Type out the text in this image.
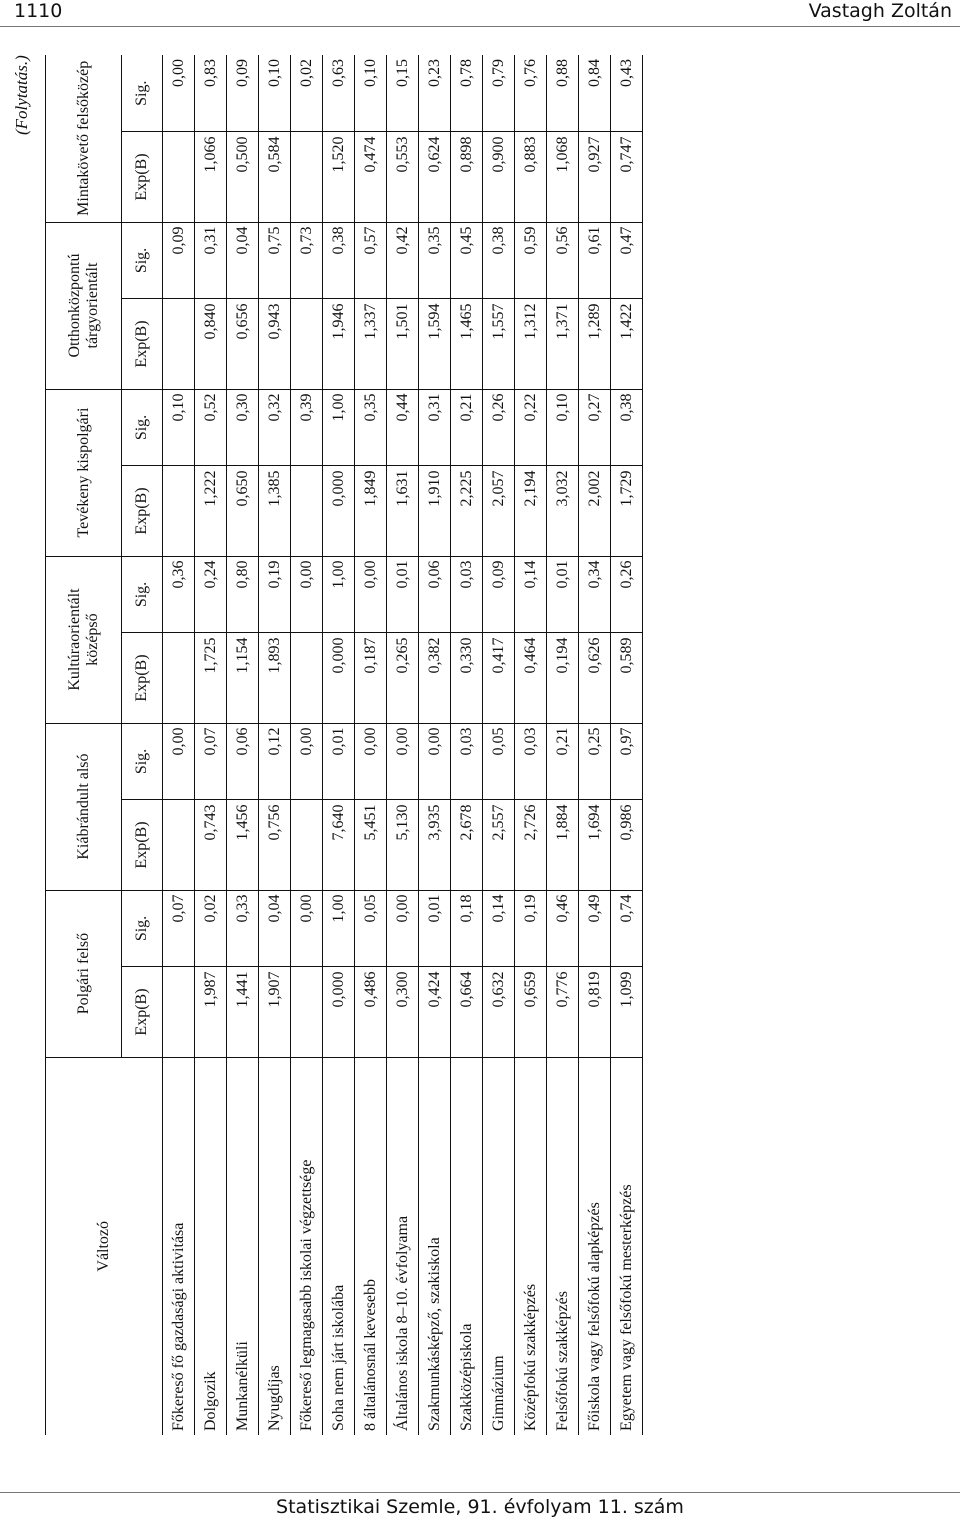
1110	Vastagh Zoltán
(Folytatás.)
Változó	Polgári felső		Kiábrándult alsó		Kultúraorientált középső		Tevékeny kispolgári		Otthonközpontú tárgyorientált		Mintakövető felsőközép	
	Exp(B)	Sig.	Exp(B)	Sig.	Exp(B)	Sig.	Exp(B)	Sig.	Exp(B)	Sig.	Exp(B)	Sig.
Főkereső fő gazdasági aktivitása		0,07		0,00		0,36		0,10		0,09		0,00
Dolgozik	1,987	0,02	0,743	0,07	1,725	0,24	1,222	0,52	0,840	0,31	1,066	0,83
Munkanélküli	1,441	0,33	1,456	0,06	1,154	0,80	0,650	0,30	0,656	0,04	0,500	0,09
Nyugdíjas	1,907	0,04	0,756	0,12	1,893	0,19	1,385	0,32	0,943	0,75	0,584	0,10
Főkereső legmagasabb iskolai végzettsége		0,00		0,00		0,00		0,39		0,73		0,02
Soha nem járt iskolába	0,000	1,00	7,640	0,01	0,000	1,00	0,000	1,00	1,946	0,38	1,520	0,63
8 általánosnál kevesebb	0,486	0,05	5,451	0,00	0,187	0,00	1,849	0,35	1,337	0,57	0,474	0,10
Általános iskola 8–10. évfolyama	0,300	0,00	5,130	0,00	0,265	0,01	1,631	0,44	1,501	0,42	0,553	0,15
Szakmunkásképző, szakiskola	0,424	0,01	3,935	0,00	0,382	0,06	1,910	0,31	1,594	0,35	0,624	0,23
Szakközépiskola	0,664	0,18	2,678	0,03	0,330	0,03	2,225	0,21	1,465	0,45	0,898	0,78
Gimnázium	0,632	0,14	2,557	0,05	0,417	0,09	2,057	0,26	1,557	0,38	0,900	0,79
Középfokú szakképzés	0,659	0,19	2,726	0,03	0,464	0,14	2,194	0,22	1,312	0,59	0,883	0,76
Felsőfokú szakképzés	0,776	0,46	1,884	0,21	0,194	0,01	3,032	0,10	1,371	0,56	1,068	0,88
Főiskola vagy felsőfokú alapképzés	0,819	0,49	1,694	0,25	0,626	0,34	2,002	0,27	1,289	0,61	0,927	0,84
Egyetem vagy felsőfokú mesterképzés	1,099	0,74	0,986	0,97	0,589	0,26	1,729	0,38	1,422	0,47	0,747	0,43
Statisztikai Szemle, 91. évfolyam 11. szám
